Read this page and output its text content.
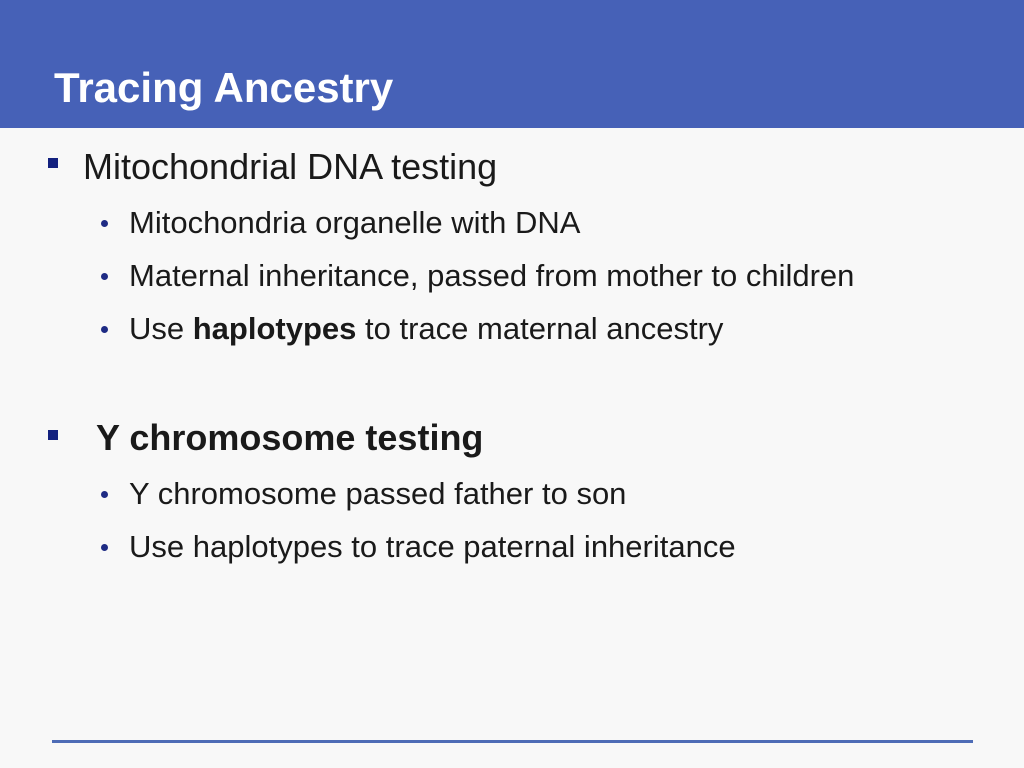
Tracing Ancestry
Mitochondrial DNA testing
Mitochondria organelle with DNA
Maternal inheritance, passed from mother to children
Use haplotypes to trace maternal ancestry
Y chromosome testing
Y chromosome passed father to son
Use haplotypes to trace paternal inheritance
